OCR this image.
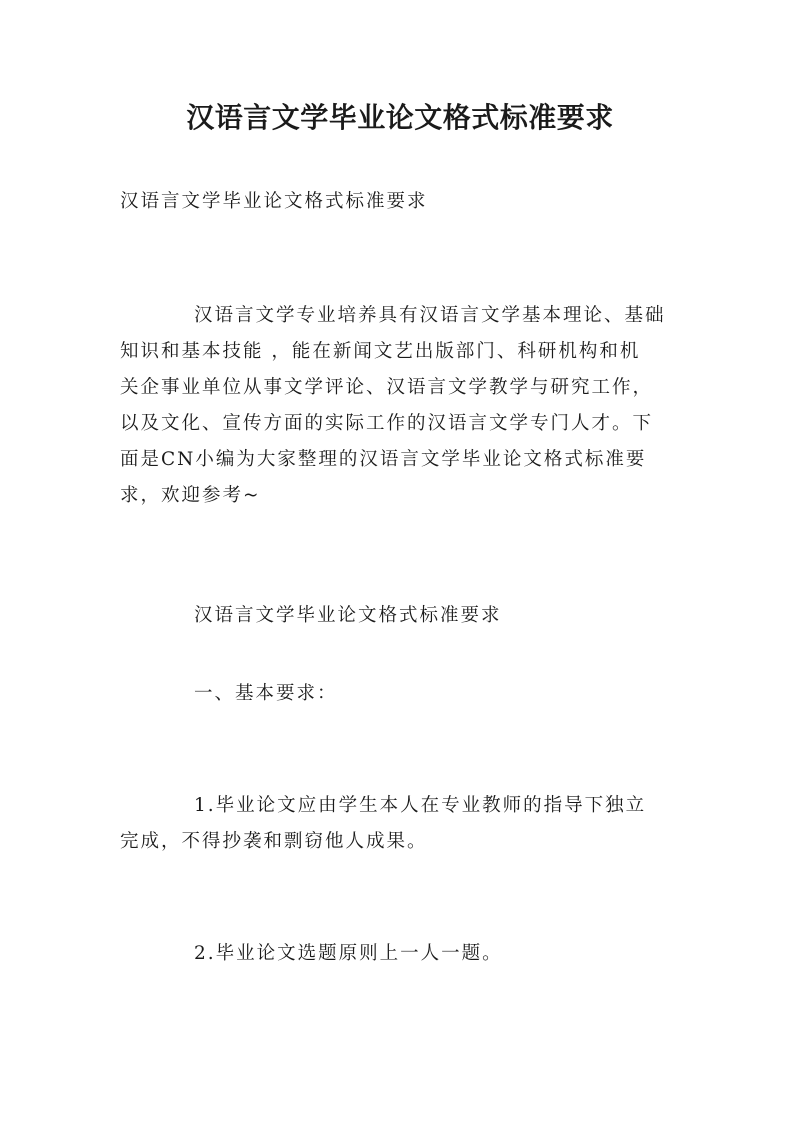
汉语言文学毕业论文格式标准要求

汉语言文学毕业论文格式标准要求

汉语言文学专业培养具有汉语言文学基本理论、基础
知识和基本技能 ，能在新闻文艺出版部门、科研机构和机
关企事业单位从事文学评论、汉语言文学教学与研究工作，
以及文化、宣传方面的实际工作的汉语言文学专门人才。下
面是CN小编为大家整理的汉语言文学毕业论文格式标准要
求，欢迎参考~

汉语言文学毕业论文格式标准要求

一、基本要求：

1.毕业论文应由学生本人在专业教师的指导下独立
完成，不得抄袭和剽窃他人成果。

2.毕业论文选题原则上一人一题。
